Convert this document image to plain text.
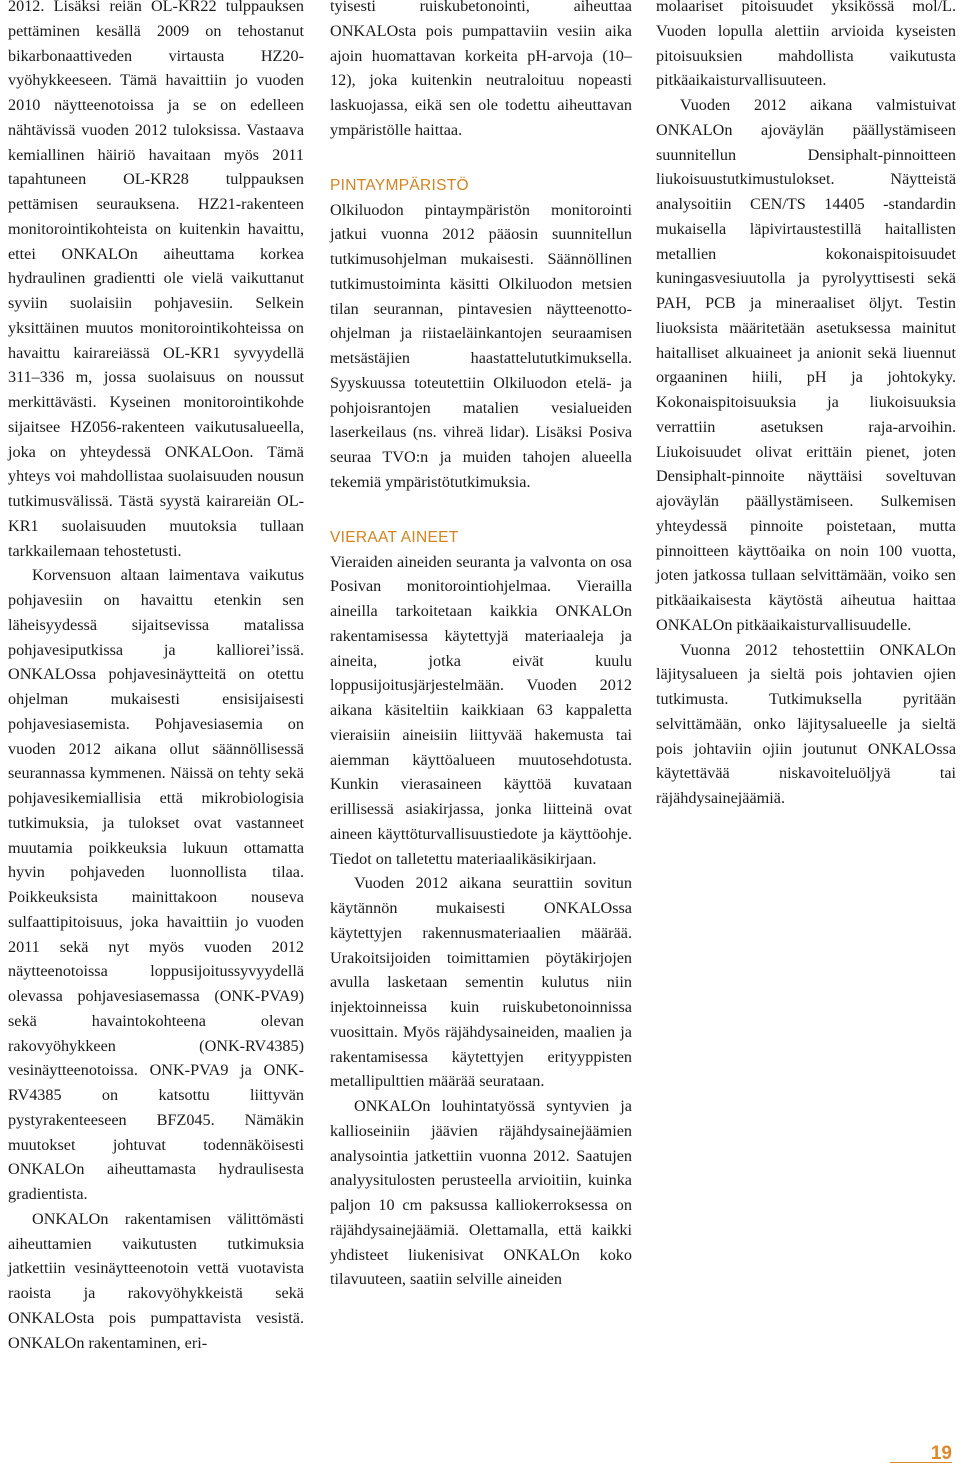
2012. Lisäksi reiän OL-KR22 tulppauksen pettäminen kesällä 2009 on tehostanut bikarbonaattiveden virtausta HZ20-vyöhykkeeseen. Tämä havaittiin jo vuoden 2010 näytteenotoissa ja se on edelleen nähtävissä vuoden 2012 tuloksissa. Vastaava kemiallinen häiriö havaitaan myös 2011 tapahtuneen OL-KR28 tulppauksen pettämisen seurauksena. HZ21-rakenteen monitorointikohteista on kuitenkin havaittu, ettei ONKALOn aiheuttama korkea hydraulinen gradientti ole vielä vaikuttanut syviin suolaisiin pohjavesiin. Selkein yksittäinen muutos monitorointikohteissa on havaittu kairareiässä OL-KR1 syvyydellä 311–336 m, jossa suolaisuus on noussut merkittävästi. Kyseinen monitorointikohde sijaitsee HZ056-rakenteen vaikutusalueella, joka on yhteydessä ONKALOon. Tämä yhteys voi mahdollistaa suolaisuuden nousun tutkimusvälissä. Tästä syystä kairareiän OL-KR1 suolaisuuden muutoksia tullaan tarkkailemaan tehostetusti.

Korvensuon altaan laimentava vaikutus pohjavesiin on havaittu etenkin sen läheisyydessä sijaitsevissa matalissa pohjavesiputkissa ja kalliorei’issä. ONKALOssa pohjavesinäytteitä on otettu ohjelman mukaisesti ensisijaisesti pohjavesiasemista. Pohjavesiasemia on vuoden 2012 aikana ollut säännöllisessä seurannassa kymmenen. Näissä on tehty sekä pohjavesikemiallisia että mikrobiologisia tutkimuksia, ja tulokset ovat vastanneet muutamia poikkeuksia lukuun ottamatta hyvin pohjaveden luonnollista tilaa. Poikkeuksista mainittakoon nouseva sulfaattipitoisuus, joka havaittiin jo vuoden 2011 sekä nyt myös vuoden 2012 näytteenotoissa loppusijoitussyvyydellä olevassa pohjavesiasemassa (ONK-PVA9) sekä havaintokohteena olevan rakovyöhykkeen (ONK-RV4385) vesinäytteenotoissa. ONK-PVA9 ja ONK-RV4385 on katsottu liittyvän pystyrakenteeseen BFZ045. Nämäkin muutokset johtuvat todennäköisesti ONKALOn aiheuttamasta hydraulisesta gradientista.

ONKALOn rakentamisen välittömästi aiheuttamien vaikutusten tutkimuksia jatkettiin vesinäytteenotoin vettä vuotavista raoista ja rakovyöhykkeistä sekä ONKALOsta pois pumpattavista vesistä. ONKALOn rakentaminen, eri-

tyisesti ruiskubetonointi, aiheuttaa ONKALOsta pois pumpattaviin vesiin aika ajoin huomattavan korkeita pH-arvoja (10–12), joka kuitenkin neutraloituu nopeasti laskuojassa, eikä sen ole todettu aiheuttavan ympäristölle haittaa.

PINTAYMPÄRISTÖ

Olkiluodon pintaympäristön monitorointi jatkui vuonna 2012 pääosin suunnitellun tutkimusohjelman mukaisesti. Säännöllinen tutkimustoiminta käsitti Olkiluodon metsien tilan seurannan, pintavesien näytteenotto-ohjelman ja riistaeläinkantojen seuraamisen metsästäjien haastattelututkimuksella. Syyskuussa toteutettiin Olkiluodon etelä- ja pohjoisrantojen matalien vesialueiden laserkeilaus (ns. vihreä lidar). Lisäksi Posiva seuraa TVO:n ja muiden tahojen alueella tekemiä ympäristötutkimuksia.

VIERAAT AINEET

Vieraiden aineiden seuranta ja valvonta on osa Posivan monitorointiohjelmaa. Vierailla aineilla tarkoitetaan kaikkia ONKALOn rakentamisessa käytettyjä materiaaleja ja aineita, jotka eivät kuulu loppusijoitusjärjestelmään. Vuoden 2012 aikana käsiteltiin kaikkiaan 63 kappaletta vieraisiin aineisiin liittyvää hakemusta tai aiemman käyttöalueen muutosehdotusta. Kunkin vierasaineen käyttöä kuvataan erillisessä asiakirjassa, jonka liitteinä ovat aineen käyttöturvallisuustiedote ja käyttöohje. Tiedot on talletettu materiaalikäsikirjaan.

Vuoden 2012 aikana seurattiin sovitun käytännön mukaisesti ONKALOssa käytettyjen rakennusmateriaalien määrää. Urakoitsijoiden toimittamien pöytäkirjojen avulla lasketaan sementin kulutus niin injektoinneissa kuin ruiskubetonoinnissa vuosittain. Myös räjähdysaineiden, maalien ja rakentamisessa käytettyjen erityyppisten metallipulttien määrää seurataan.

ONKALOn louhintatyössä syntyvien ja kallioseiniin jäävien räjähdysainejäämien analysointia jatkettiin vuonna 2012. Saatujen analyysitulosten perusteella arvioitiin, kuinka paljon 10 cm paksussa kalliokerroksessa on räjähdysainejäämiä. Olettamalla, että kaikki yhdisteet liukenisivat ONKALOn koko tilavuuteen, saatiin selville aineiden

molaariset pitoisuudet yksikössä mol/L. Vuoden lopulla alettiin arvioida kyseisten pitoisuuksien mahdollista vaikutusta pitkäaikaisturvallisuuteen.

Vuoden 2012 aikana valmistuivat ONKALOn ajoväylän päällystämiseen suunnitellun Densiphalt-pinnoitteen liukoisuustutkimustulokset. Näytteistä analysoitiin CEN/TS 14405 -standardin mukaisella läpivirtaustestillä haitallisten metallien kokonaispitoisuudet kuningasvesiuutolla ja pyrolyyttisesti sekä PAH, PCB ja mineraaliset öljyt. Testin liuoksista määritetään asetuksessa mainitut haitalliset alkuaineet ja anionit sekä liuennut orgaaninen hiili, pH ja johtokyky. Kokonaispitoisuuksia ja liukoisuuksia verrattiin asetuksen raja-arvoihin. Liukoisuudet olivat erittäin pienet, joten Densiphalt-pinnoite näyttäisi soveltuvan ajoväylän päällystämiseen. Sulkemisen yhteydessä pinnoite poistetaan, mutta pinnoitteen käyttöaika on noin 100 vuotta, joten jatkossa tullaan selvittämään, voiko sen pitkäaikaisesta käytöstä aiheutua haittaa ONKALOn pitkäaikaisturvallisuudelle.

Vuonna 2012 tehostettiin ONKALOn läjitysalueen ja sieltä pois johtavien ojien tutkimusta. Tutkimuksella pyritään selvittämään, onko läjitysalueelle ja sieltä pois johtaviin ojiin joutunut ONKALOssa käytettävää niskavoiteluöljyä tai räjähdysainejäämiä.

19
